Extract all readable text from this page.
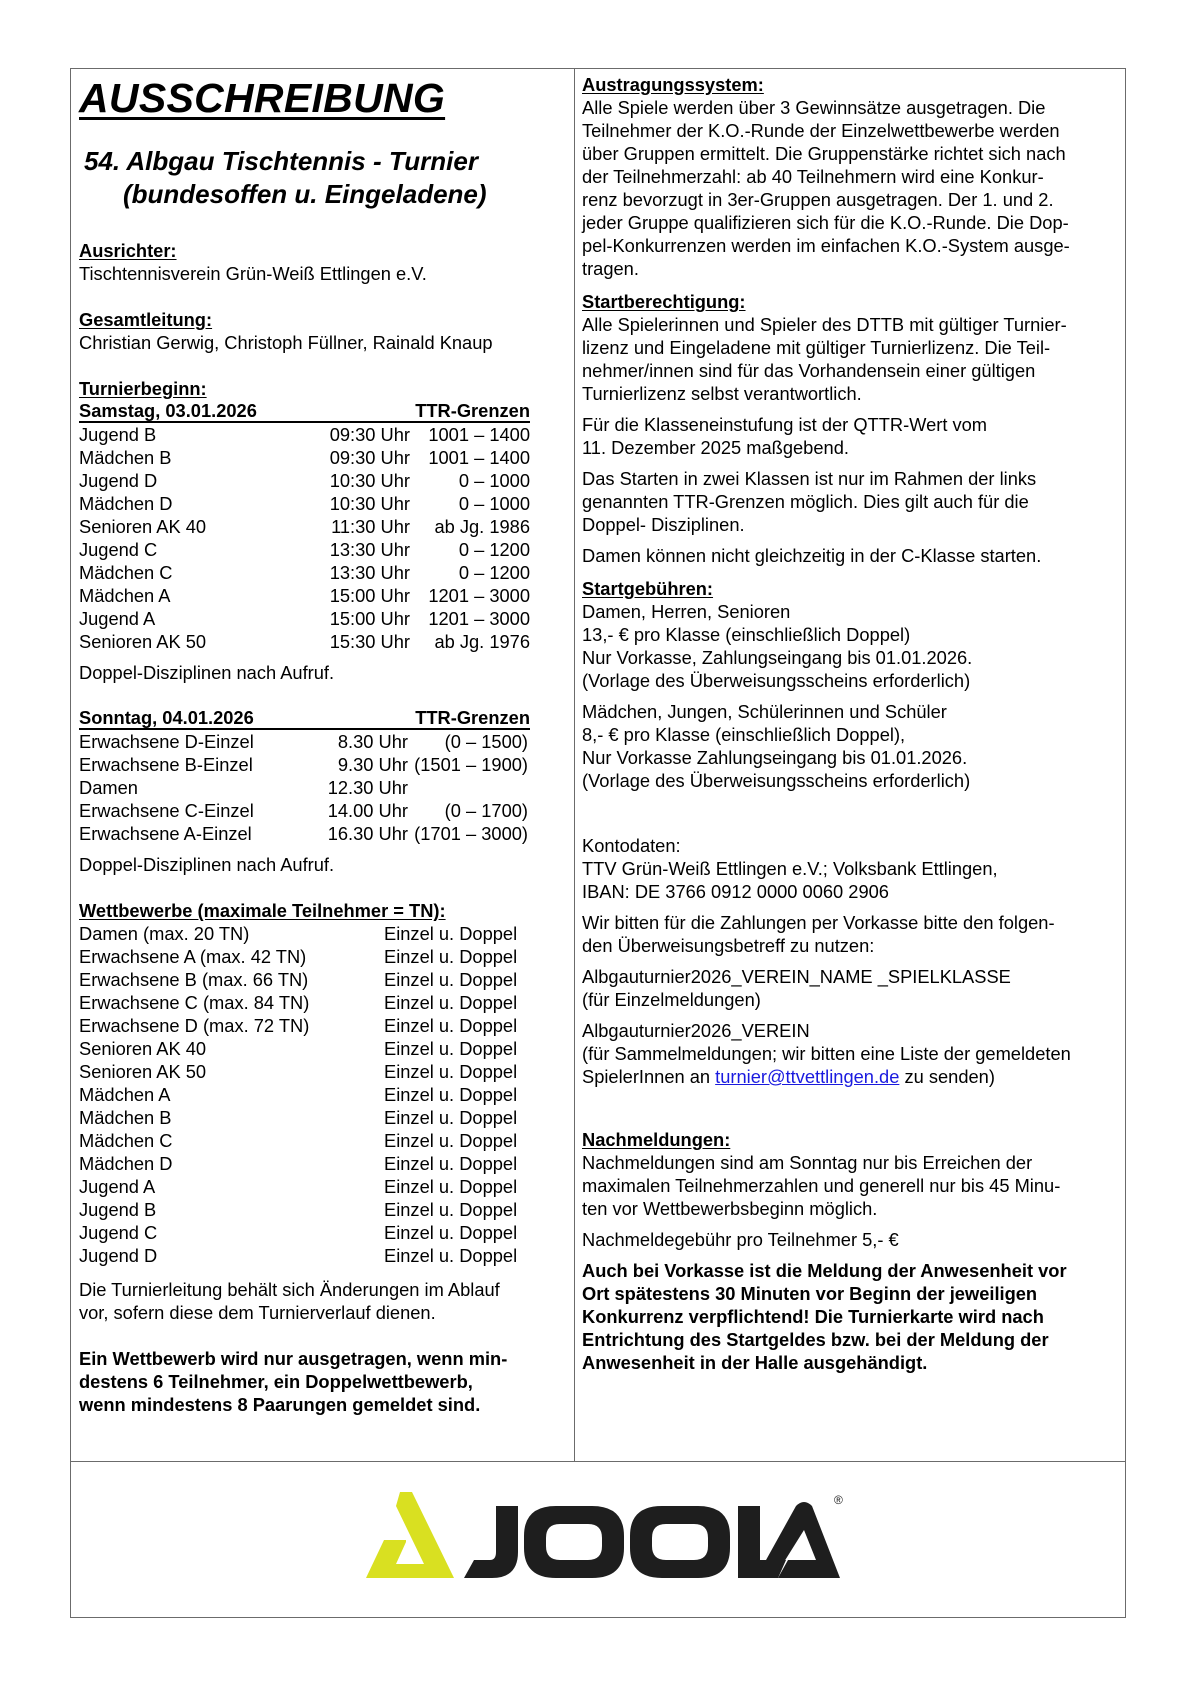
AUSSCHREIBUNG
54. Albgau Tischtennis - Turnier
(bundesoffen u. Eingeladene)
Ausrichter:
Tischtennisverein Grün-Weiß Ettlingen e.V.
Gesamtleitung:
Christian Gerwig, Christoph Füllner, Rainald Knaup
Turnierbeginn:
Samstag, 03.01.2026	TTR-Grenzen
Jugend B	09:30 Uhr	1001 – 1400
Mädchen B	09:30 Uhr	1001 – 1400
Jugend D	10:30 Uhr	0 – 1000
Mädchen D	10:30 Uhr	0 – 1000
Senioren AK 40	11:30 Uhr	ab Jg. 1986
Jugend C	13:30 Uhr	0 – 1200
Mädchen C	13:30 Uhr	0 – 1200
Mädchen A	15:00 Uhr	1201 – 3000
Jugend A	15:00 Uhr	1201 – 3000
Senioren AK 50	15:30 Uhr	ab Jg. 1976
Doppel-Disziplinen nach Aufruf.
Sonntag, 04.01.2026	TTR-Grenzen
Erwachsene D-Einzel	8.30 Uhr	(0 – 1500)
Erwachsene B-Einzel	9.30 Uhr (1501 – 1900)
Damen	12.30 Uhr
Erwachsene C-Einzel	14.00 Uhr	(0 – 1700)
Erwachsene A-Einzel	16.30 Uhr (1701 – 3000)
Doppel-Disziplinen nach Aufruf.
Wettbewerbe (maximale Teilnehmer = TN):
Damen (max. 20 TN)	Einzel u. Doppel
Erwachsene A (max. 42 TN)	Einzel u. Doppel
Erwachsene B (max. 66 TN)	Einzel u. Doppel
Erwachsene C (max. 84 TN)	Einzel u. Doppel
Erwachsene D (max. 72 TN)	Einzel u. Doppel
Senioren AK 40	Einzel u. Doppel
Senioren AK 50	Einzel u. Doppel
Mädchen A	Einzel u. Doppel
Mädchen B	Einzel u. Doppel
Mädchen C	Einzel u. Doppel
Mädchen D	Einzel u. Doppel
Jugend A	Einzel u. Doppel
Jugend B	Einzel u. Doppel
Jugend C	Einzel u. Doppel
Jugend D	Einzel u. Doppel
Die Turnierleitung behält sich Änderungen im Ablauf
vor, sofern diese dem Turnierverlauf dienen.
Ein Wettbewerb wird nur ausgetragen, wenn min-
destens 6 Teilnehmer, ein Doppelwettbewerb,
wenn mindestens 8 Paarungen gemeldet sind.
Austragungssystem:
Alle Spiele werden über 3 Gewinnsätze ausgetragen. Die
Teilnehmer der K.O.-Runde der Einzelwettbewerbe werden
über Gruppen ermittelt. Die Gruppenstärke richtet sich nach
der Teilnehmerzahl: ab 40 Teilnehmern wird eine Konkur-
renz bevorzugt in 3er-Gruppen ausgetragen. Der 1. und 2.
jeder Gruppe qualifizieren sich für die K.O.-Runde. Die Dop-
pel-Konkurrenzen werden im einfachen K.O.-System ausge-
tragen.
Startberechtigung:
Alle Spielerinnen und Spieler des DTTB mit gültiger Turnier-
lizenz und Eingeladene mit gültiger Turnierlizenz. Die Teil-
nehmer/innen sind für das Vorhandensein einer gültigen
Turnierlizenz selbst verantwortlich.
Für die Klasseneinstufung ist der QTTR-Wert vom
11. Dezember 2025 maßgebend.
Das Starten in zwei Klassen ist nur im Rahmen der links
genannten TTR-Grenzen möglich. Dies gilt auch für die
Doppel- Disziplinen.
Damen können nicht gleichzeitig in der C-Klasse starten.
Startgebühren:
Damen, Herren, Senioren
13,- € pro Klasse (einschließlich Doppel)
Nur Vorkasse, Zahlungseingang bis 01.01.2026.
(Vorlage des Überweisungsscheins erforderlich)
Mädchen, Jungen, Schülerinnen und Schüler
8,- € pro Klasse (einschließlich Doppel),
Nur Vorkasse Zahlungseingang bis 01.01.2026.
(Vorlage des Überweisungsscheins erforderlich)
Kontodaten:
TTV Grün-Weiß Ettlingen e.V.; Volksbank Ettlingen,
IBAN: DE 3766 0912 0000 0060 2906
Wir bitten für die Zahlungen per Vorkasse bitte den folgen-
den Überweisungsbetreff zu nutzen:
Albgauturnier2026_VEREIN_NAME _SPIELKLASSE
(für Einzelmeldungen)
Albgauturnier2026_VEREIN
(für Sammelmeldungen; wir bitten eine Liste der gemeldeten
SpielerInnen an turnier@ttvettlingen.de zu senden)
Nachmeldungen:
Nachmeldungen sind am Sonntag nur bis Erreichen der
maximalen Teilnehmerzahlen und generell nur bis 45 Minu-
ten vor Wettbewerbsbeginn möglich.
Nachmeldegebühr pro Teilnehmer 5,- €
Auch bei Vorkasse ist die Meldung der Anwesenheit vor
Ort spätestens 30 Minuten vor Beginn der jeweiligen
Konkurrenz verpflichtend! Die Turnierkarte wird nach
Entrichtung des Startgeldes bzw. bei der Meldung der
Anwesenheit in der Halle ausgehändigt.
®
